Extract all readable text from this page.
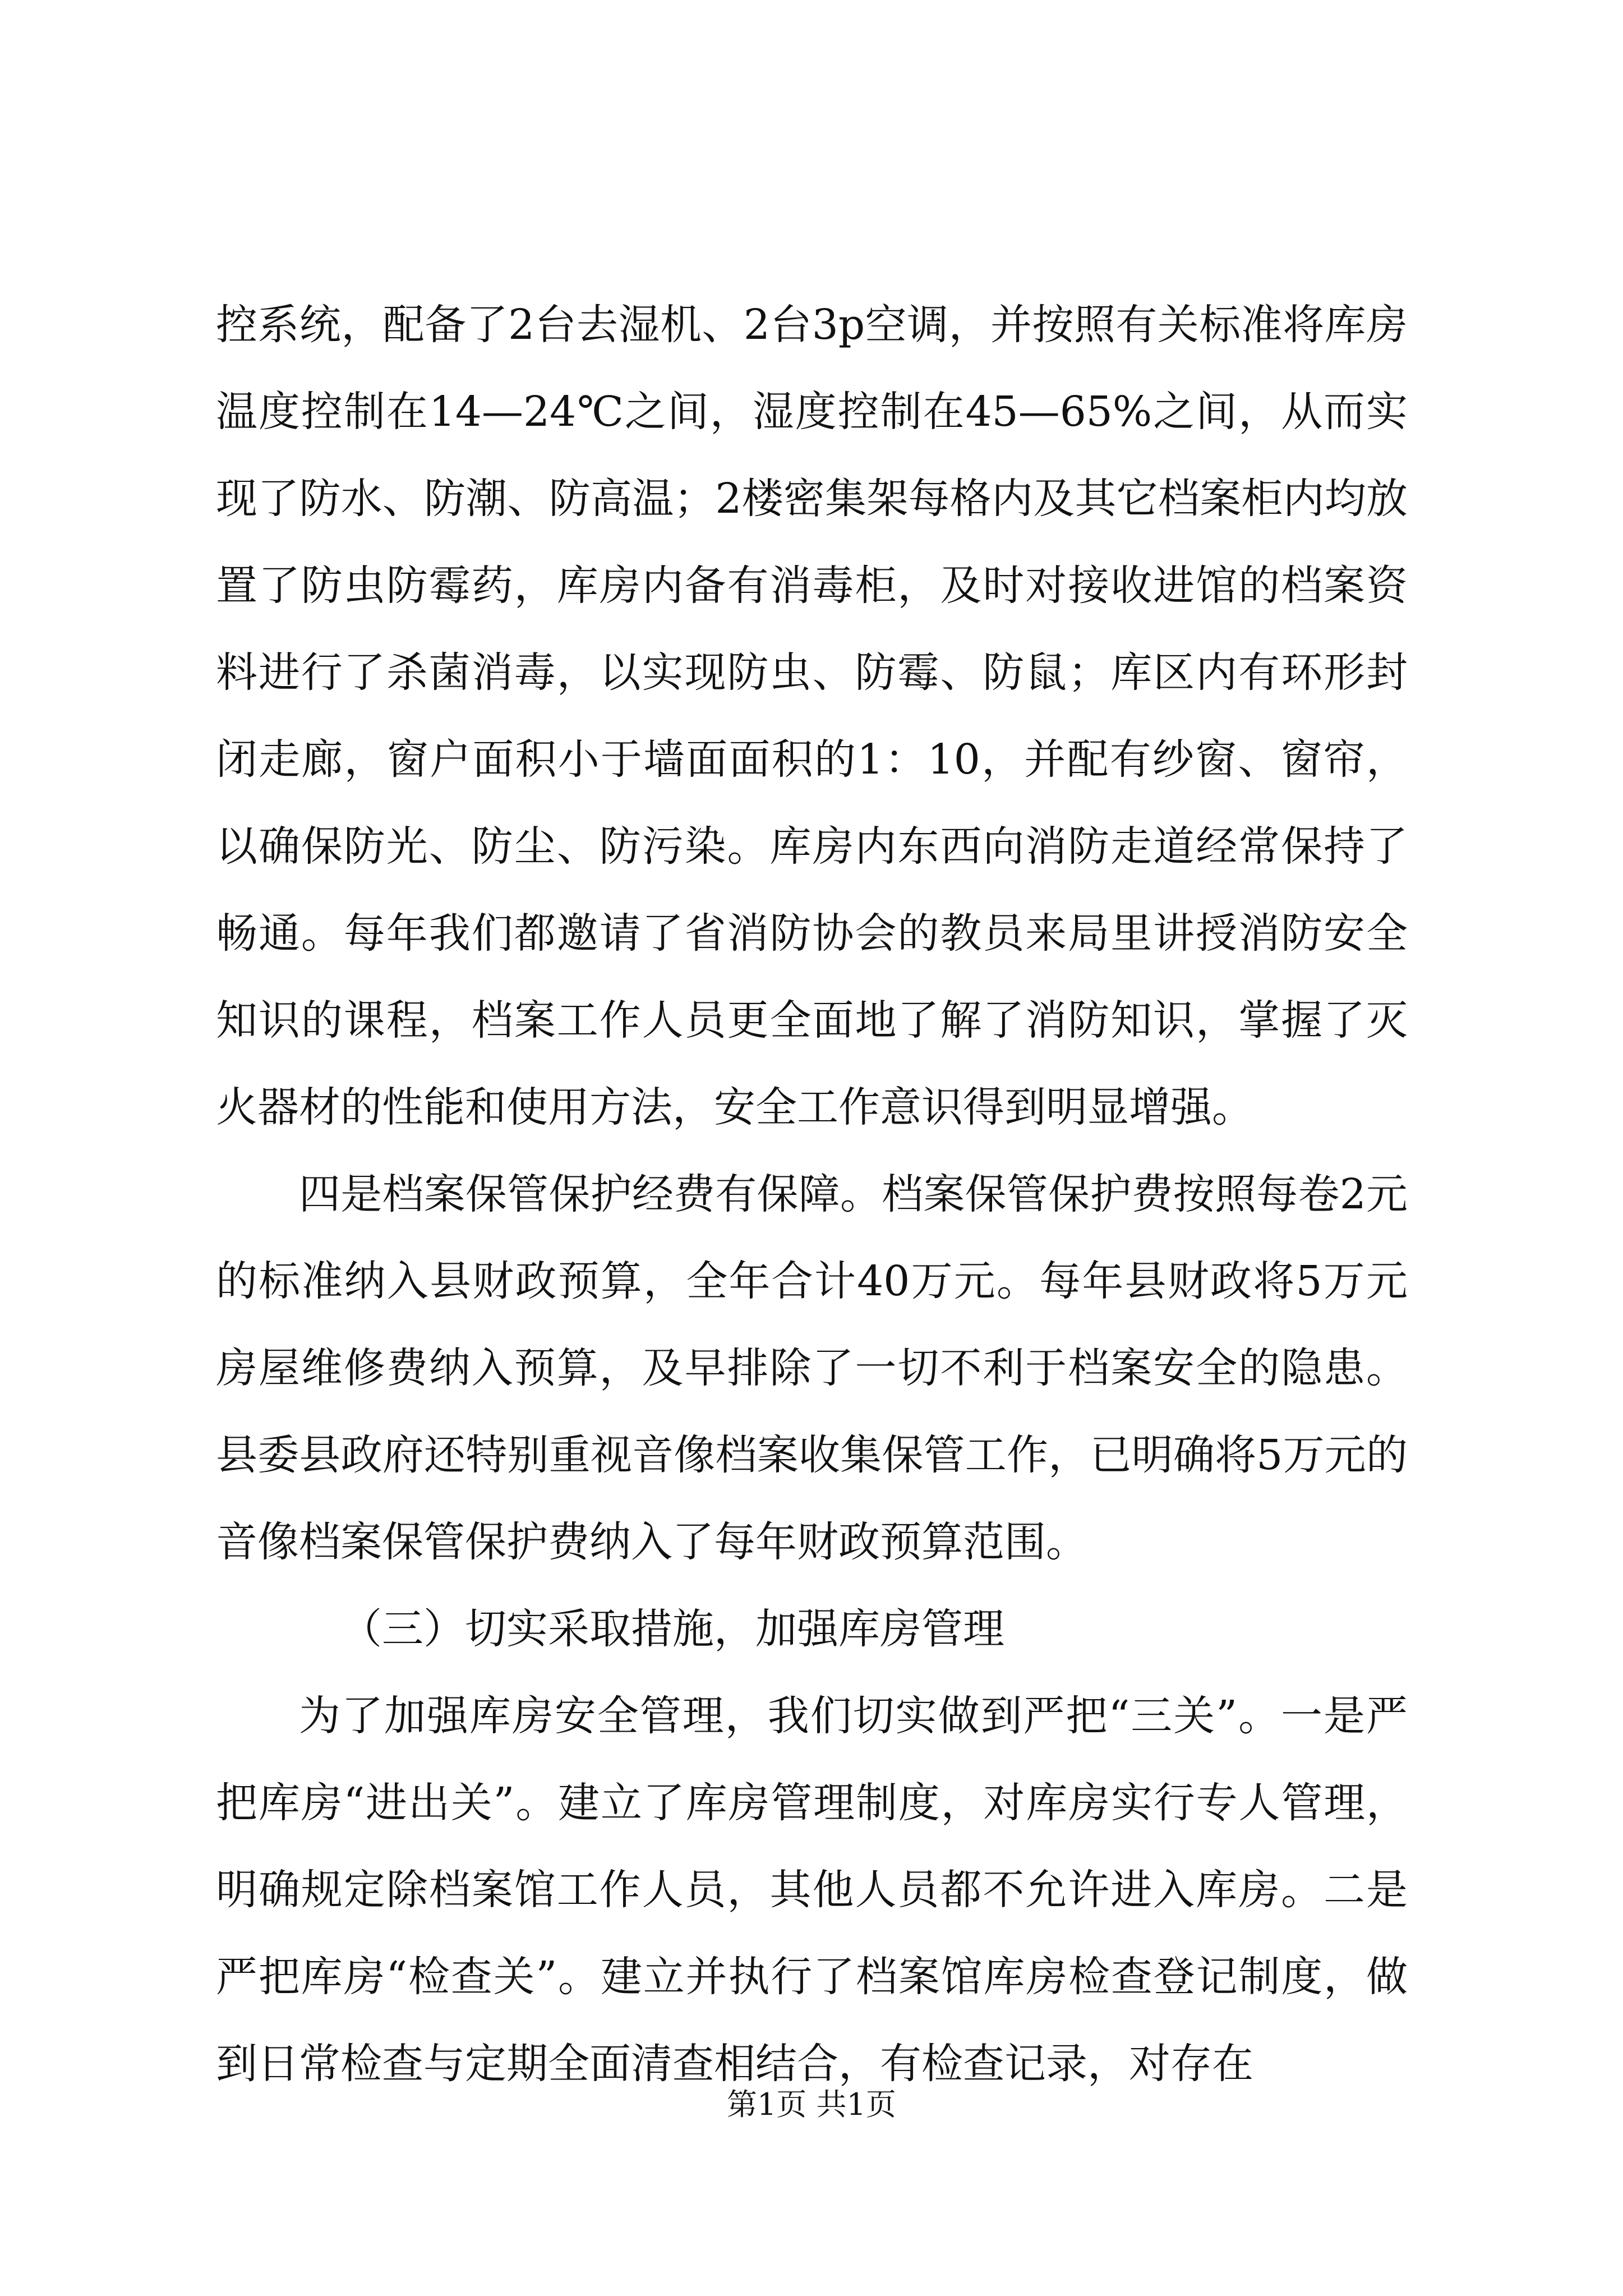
控系统，配备了2台去湿机、2台3p空调，并按照有关标准将库房温度控制在14—24℃之间，湿度控制在45—65%之间，从而实现了防水、防潮、防高温；2楼密集架每格内及其它档案柜内均放置了防虫防霉药，库房内备有消毒柜，及时对接收进馆的档案资料进行了杀菌消毒，以实现防虫、防霉、防鼠；库区内有环形封闭走廊，窗户面积小于墙面面积的1：10，并配有纱窗、窗帘，以确保防光、防尘、防污染。库房内东西向消防走道经常保持了畅通。每年我们都邀请了省消防协会的教员来局里讲授消防安全知识的课程，档案工作人员更全面地了解了消防知识，掌握了灭火器材的性能和使用方法，安全工作意识得到明显增强。

四是档案保管保护经费有保障。档案保管保护费按照每卷2元的标准纳入县财政预算，全年合计40万元。每年县财政将5万元房屋维修费纳入预算，及早排除了一切不利于档案安全的隐患。县委县政府还特别重视音像档案收集保管工作，已明确将5万元的音像档案保管保护费纳入了每年财政预算范围。

（三）切实采取措施，加强库房管理

为了加强库房安全管理，我们切实做到严把“三关”。一是严把库房“进出关”。建立了库房管理制度，对库房实行专人管理，明确规定除档案馆工作人员，其他人员都不允许进入库房。二是严把库房“检查关”。建立并执行了档案馆库房检查登记制度，做到日常检查与定期全面清查相结合，有检查记录，对存在

第1页 共1页
